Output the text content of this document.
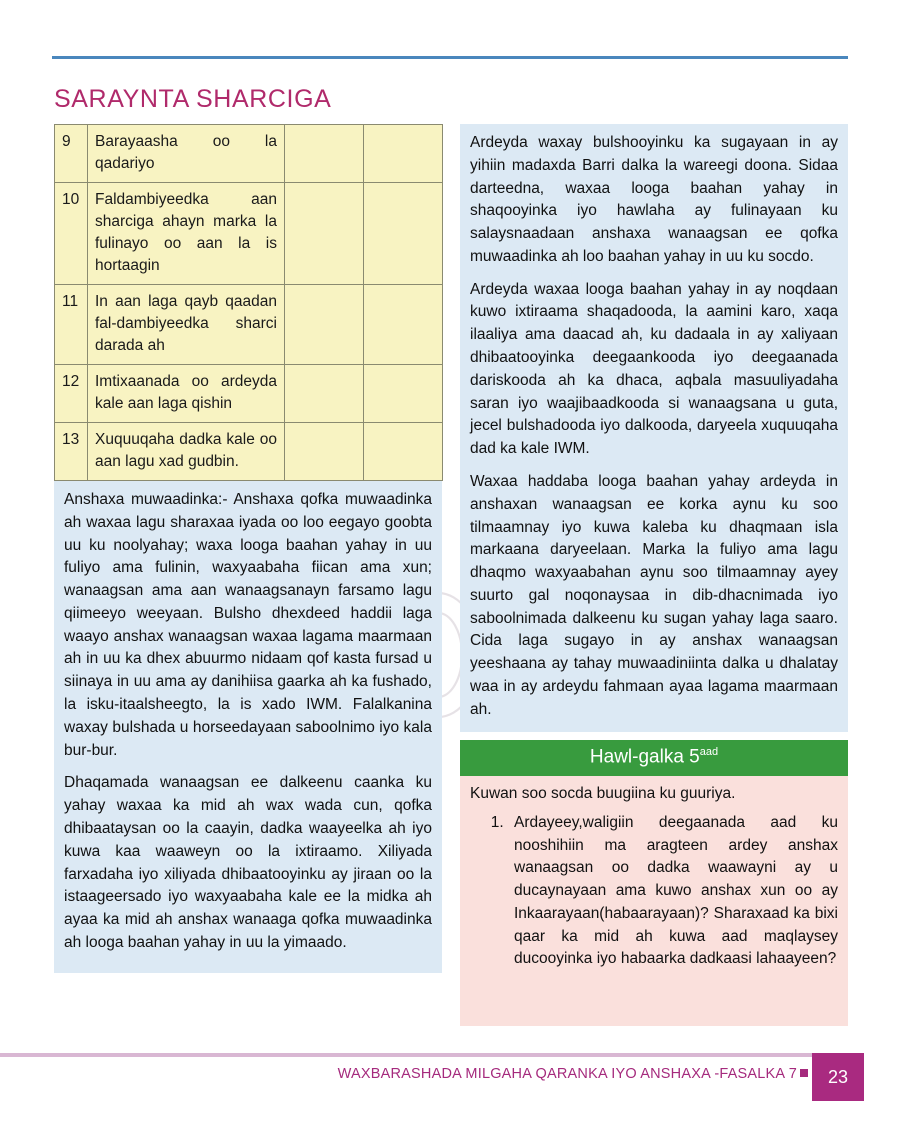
SARAYNTA SHARCIGA
9	Barayaasha oo la qadariyo		
10	Faldambiyeedka aan sharciga ahayn marka la fulinayo oo aan la is hortaagin		
11	In aan laga qayb qaadan fal-dambiyeedka sharci darada ah		
12	Imtixaanada oo ardeyda kale aan laga qishin		
13	Xuquuqaha dadka kale oo aan lagu xad gudbin.		

Anshaxa muwaadinka:- Anshaxa qofka muwaadinka ah waxaa lagu sharaxaa iyada oo loo eegayo goobta uu ku noolyahay; waxa looga baahan yahay in uu fuliyo ama fulinin, waxyaabaha fiican ama xun; wanaagsan ama aan wanaagsanayn farsamo lagu qiimeeyo weeyaan. Bulsho dhexdeed haddii laga waayo anshax wanaagsan waxaa lagama maarmaan ah in uu ka dhex abuurmo nidaam qof kasta fursad u siinaya in uu ama ay danihiisa gaarka ah ka fushado, la isku-itaalsheegto, la is xado IWM. Falalkanina waxay bulshada u horseedayaan saboolnimo iyo kala bur-bur.

Dhaqamada wanaagsan ee dalkeenu caanka ku yahay waxaa ka mid ah wax wada cun, qofka dhibaataysan oo la caayin, dadka waayeelka ah iyo kuwa kaa waaweyn oo la ixtiraamo. Xiliyada farxadaha iyo xiliyada dhibaatooyinku ay jiraan oo la istaageersado iyo waxyaabaha kale ee la midka ah ayaa ka mid ah anshax wanaaga qofka muwaadinka ah looga baahan yahay in uu la yimaado.

Ardeyda waxay bulshooyinku ka sugayaan in ay yihiin madaxda Barri dalka la wareegi doona. Sidaa darteedna, waxaa looga baahan yahay in shaqooyinka iyo hawlaha ay fulinayaan ku salaysnaadaan anshaxa wanaagsan ee qofka muwaadinka ah loo baahan yahay in uu ku socdo.

Ardeyda waxaa looga baahan yahay in ay noqdaan kuwo ixtiraama shaqadooda, la aamini karo, xaqa ilaaliya ama daacad ah, ku dadaala in ay xaliyaan dhibaatooyinka deegaankooda iyo deegaanada dariskooda ah ka dhaca, aqbala masuuliyadaha saran iyo waajibaadkooda si wanaagsana u guta, jecel bulshadooda iyo dalkooda, daryeela xuquuqaha dad ka kale IWM.

Waxaa haddaba looga baahan yahay ardeyda in anshaxan wanaagsan ee korka aynu ku soo tilmaamnay iyo kuwa kaleba ku dhaqmaan isla markaana daryeelaan. Marka la fuliyo ama lagu dhaqmo waxyaabahan aynu soo tilmaamnay ayey suurto gal noqonaysaa in dib-dhacnimada iyo saboolnimada dalkeenu ku sugan yahay laga saaro. Cida laga sugayo in ay anshax wanaagsan yeeshaana ay tahay muwaadiniinta dalka u dhalatay waa in ay ardeydu fahmaan ayaa lagama maarmaan ah.

Hawl-galka $5^{aad}$

Kuwan soo socda buugiina ku guuriya.

1. Ardayeey,waligiin deegaanada aad ku nooshihiin ma aragteen ardey anshax wanaagsan oo dadka waawayni ay u ducaynayaan ama kuwo anshax xun oo ay Inkaarayaan(habaarayaan)? Sharaxaad ka bixi qaar ka mid ah kuwa aad maqlaysey ducooyinka iyo habaarka dadkaasi lahaayeen?
WAXBARASHADA MILGAHA QARANKA IYO ANSHAXA -FASALKA 7	23
